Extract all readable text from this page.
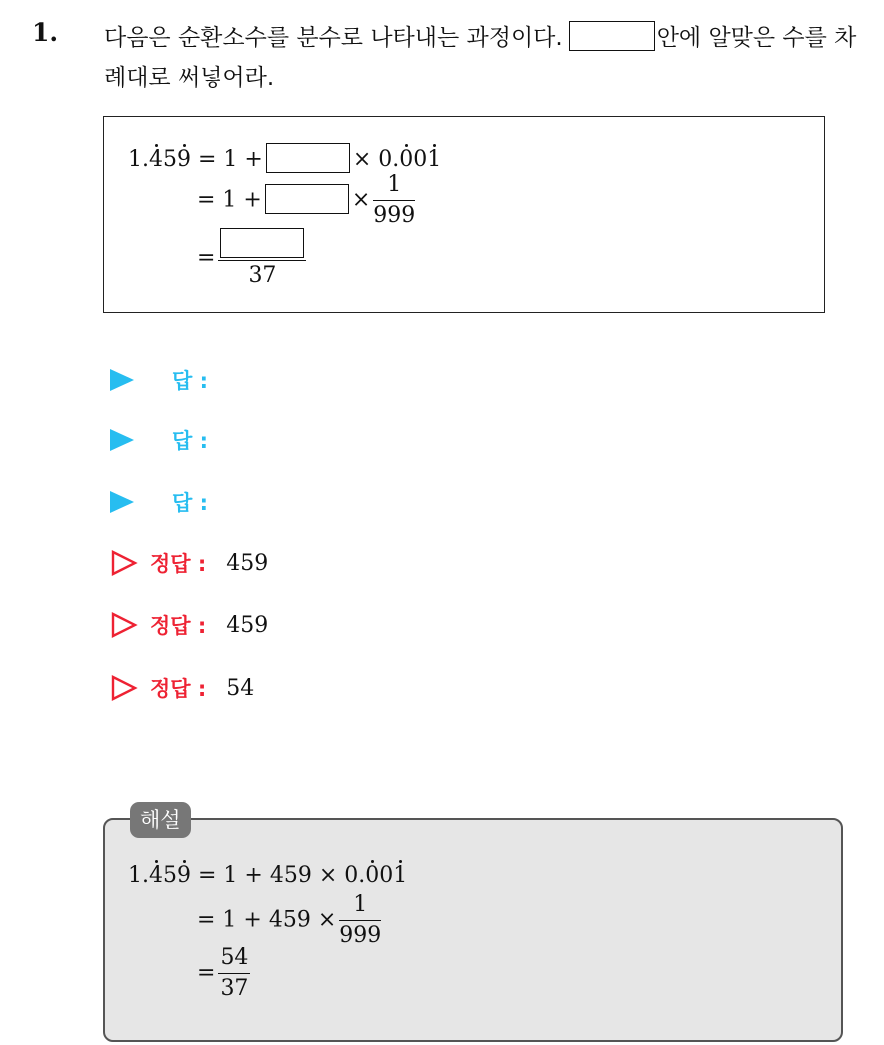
1. 다음은 순환소수를 분수로 나타내는 과정이다.	안에 알맞은 수를 차례대로 써넣어라.
1.459 = 1 +	× 0.001
= 1 +	× $\frac{1}{999}$
=
37
답 :
답 :
답 :
정답 : 459
정답 : 459
정답 : 54
해설
1.459 = 1 + 459 × 0.001
= $1 + 459 \times \frac{1}{999}$
= $\frac{54}{37}$
